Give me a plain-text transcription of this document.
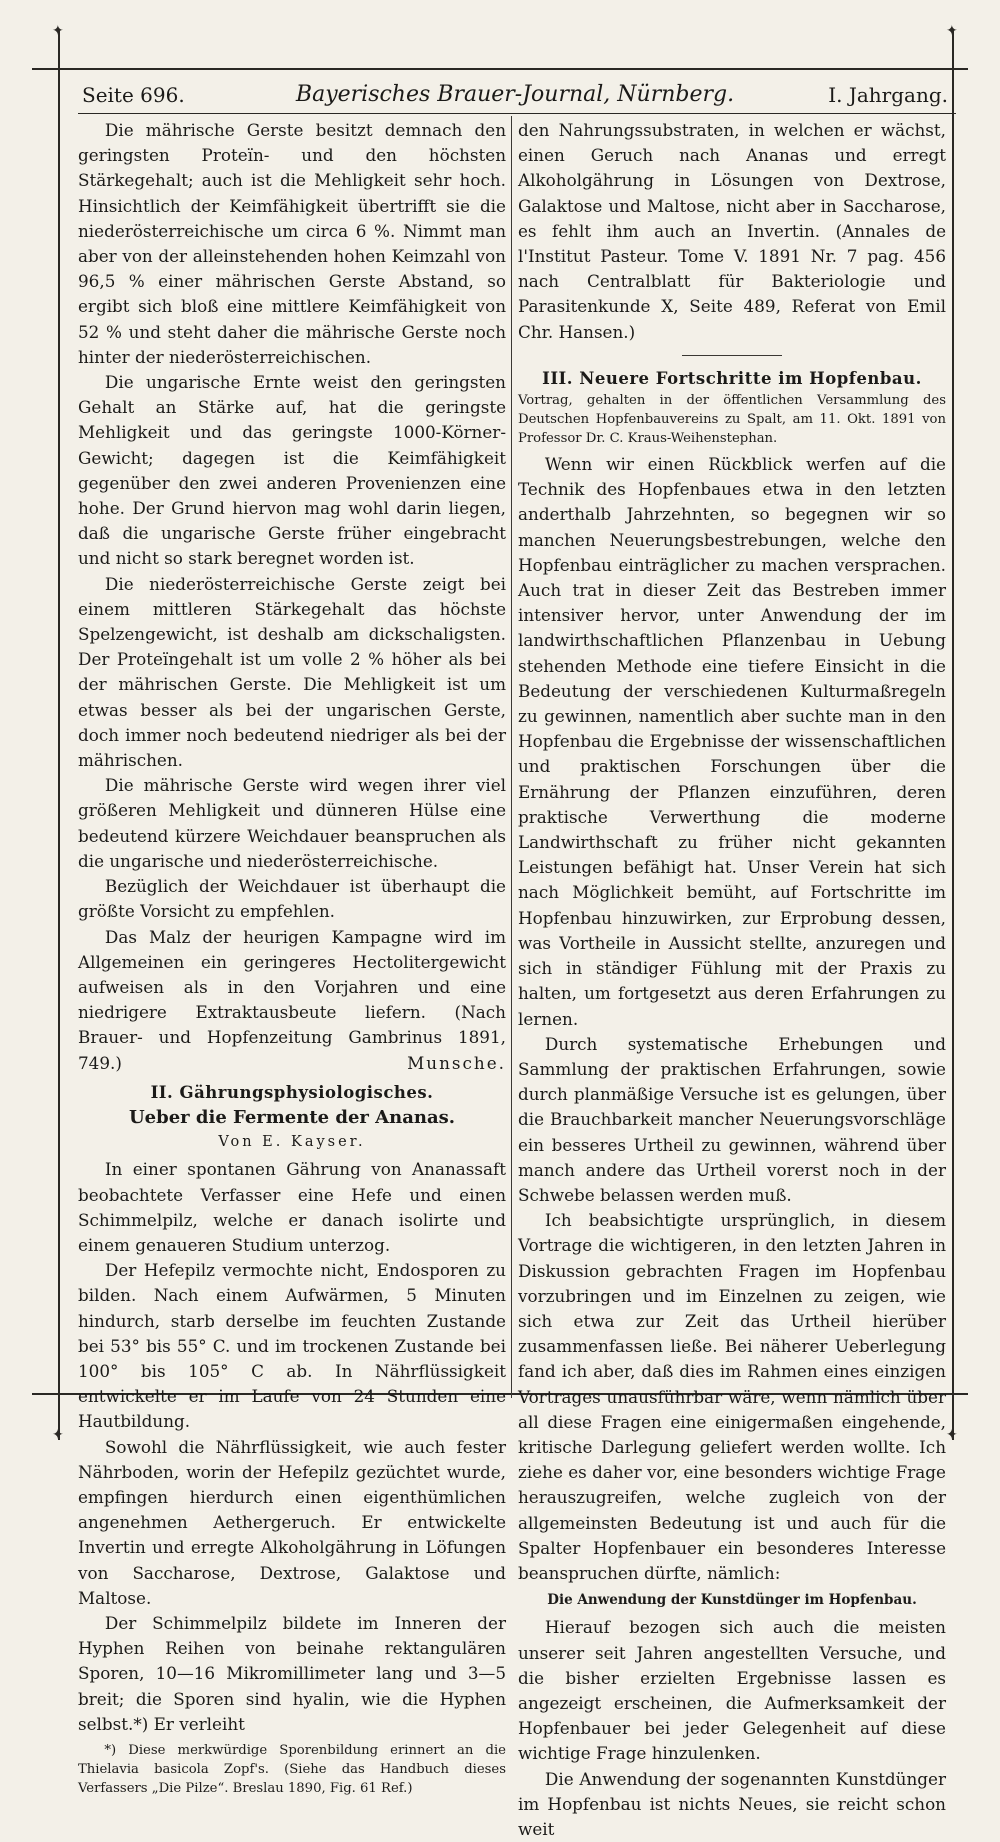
✦	✦
✦	✦
Seite 696.	Bayerisches Brauer-Journal, Nürnberg.	I. Jahrgang.

Die mährische Gerste besitzt demnach den geringsten Proteïn- und den höchsten Stärkegehalt; auch ist die Mehligkeit sehr hoch. Hinsichtlich der Keimfähigkeit übertrifft sie die niederösterreichische um circa 6 %. Nimmt man aber von der alleinstehenden hohen Keimzahl von 96,5 % einer mährischen Gerste Abstand, so ergibt sich bloß eine mittlere Keimfähigkeit von 52 % und steht daher die mährische Gerste noch hinter der niederösterreichischen.

Die ungarische Ernte weist den geringsten Gehalt an Stärke auf, hat die geringste Mehligkeit und das geringste 1000-Körner-Gewicht; dagegen ist die Keimfähigkeit gegenüber den zwei anderen Provenienzen eine hohe. Der Grund hiervon mag wohl darin liegen, daß die ungarische Gerste früher eingebracht und nicht so stark beregnet worden ist.

Die niederösterreichische Gerste zeigt bei einem mittleren Stärkegehalt das höchste Spelzengewicht, ist deshalb am dickschaligsten. Der Proteïngehalt ist um volle 2 % höher als bei der mährischen Gerste. Die Mehligkeit ist um etwas besser als bei der ungarischen Gerste, doch immer noch bedeutend niedriger als bei der mährischen.

Die mährische Gerste wird wegen ihrer viel größeren Mehligkeit und dünneren Hülse eine bedeutend kürzere Weichdauer beanspruchen als die ungarische und niederösterreichische.

Bezüglich der Weichdauer ist überhaupt die größte Vorsicht zu empfehlen.

Das Malz der heurigen Kampagne wird im Allgemeinen ein geringeres Hectolitergewicht aufweisen als in den Vorjahren und eine niedrigere Extraktausbeute liefern. (Nach Brauer- und Hopfenzeitung Gambrinus 1891, 749.)	Munsche.

II. Gährungsphysiologisches.
Ueber die Fermente der Ananas.
Von E. Kayser.

In einer spontanen Gährung von Ananassaft beobachtete Verfasser eine Hefe und einen Schimmelpilz, welche er danach isolirte und einem genaueren Studium unterzog.

Der Hefepilz vermochte nicht, Endosporen zu bilden. Nach einem Aufwärmen, 5 Minuten hindurch, starb derselbe im feuchten Zustande bei 53° bis 55° C. und im trockenen Zustande bei 100° bis 105° C ab. In Nährflüssigkeit entwickelte er im Laufe von 24 Stunden eine Hautbildung.

Sowohl die Nährflüssigkeit, wie auch fester Nährboden, worin der Hefepilz gezüchtet wurde, empfingen hierdurch einen eigenthümlichen angenehmen Aethergeruch. Er entwickelte Invertin und erregte Alkoholgährung in Löfungen von Saccharose, Dextrose, Galaktose und Maltose.

Der Schimmelpilz bildete im Inneren der Hyphen Reihen von beinahe rektangulären Sporen, 10—16 Mikromillimeter lang und 3—5 breit; die Sporen sind hyalin, wie die Hyphen selbst.*) Er verleiht

*) Diese merkwürdige Sporenbildung erinnert an die Thielavia basicola Zopf's. (Siehe das Handbuch dieses Verfassers „Die Pilze“. Breslau 1890, Fig. 61 Ref.)

den Nahrungssubstraten, in welchen er wächst, einen Geruch nach Ananas und erregt Alkoholgährung in Lösungen von Dextrose, Galaktose und Maltose, nicht aber in Saccharose, es fehlt ihm auch an Invertin. (Annales de l'Institut Pasteur. Tome V. 1891 Nr. 7 pag. 456 nach Centralblatt für Bakteriologie und Parasitenkunde X, Seite 489, Referat von Emil Chr. Hansen.)

III. Neuere Fortschritte im Hopfenbau.
Vortrag, gehalten in der öffentlichen Versammlung des Deutschen Hopfenbauvereins zu Spalt, am 11. Okt. 1891 von Professor Dr. C. Kraus-Weihenstephan.

Wenn wir einen Rückblick werfen auf die Technik des Hopfenbaues etwa in den letzten anderthalb Jahrzehnten, so begegnen wir so manchen Neuerungsbestrebungen, welche den Hopfenbau einträglicher zu machen versprachen. Auch trat in dieser Zeit das Bestreben immer intensiver hervor, unter Anwendung der im landwirthschaftlichen Pflanzenbau in Uebung stehenden Methode eine tiefere Einsicht in die Bedeutung der verschiedenen Kulturmaßregeln zu gewinnen, namentlich aber suchte man in den Hopfenbau die Ergebnisse der wissenschaftlichen und praktischen Forschungen über die Ernährung der Pflanzen einzuführen, deren praktische Verwerthung die moderne Landwirthschaft zu früher nicht gekannten Leistungen befähigt hat. Unser Verein hat sich nach Möglichkeit bemüht, auf Fortschritte im Hopfenbau hinzuwirken, zur Erprobung dessen, was Vortheile in Aussicht stellte, anzuregen und sich in ständiger Fühlung mit der Praxis zu halten, um fortgesetzt aus deren Erfahrungen zu lernen.

Durch systematische Erhebungen und Sammlung der praktischen Erfahrungen, sowie durch planmäßige Versuche ist es gelungen, über die Brauchbarkeit mancher Neuerungsvorschläge ein besseres Urtheil zu gewinnen, während über manch andere das Urtheil vorerst noch in der Schwebe belassen werden muß.

Ich beabsichtigte ursprünglich, in diesem Vortrage die wichtigeren, in den letzten Jahren in Diskussion gebrachten Fragen im Hopfenbau vorzubringen und im Einzelnen zu zeigen, wie sich etwa zur Zeit das Urtheil hierüber zusammenfassen ließe. Bei näherer Ueberlegung fand ich aber, daß dies im Rahmen eines einzigen Vortrages unausführbar wäre, wenn nämlich über all diese Fragen eine einigermaßen eingehende, kritische Darlegung geliefert werden wollte. Ich ziehe es daher vor, eine besonders wichtige Frage herauszugreifen, welche zugleich von der allgemeinsten Bedeutung ist und auch für die Spalter Hopfenbauer ein besonderes Interesse beanspruchen dürfte, nämlich:

Die Anwendung der Kunstdünger im Hopfenbau.

Hierauf bezogen sich auch die meisten unserer seit Jahren angestellten Versuche, und die bisher erzielten Ergebnisse lassen es angezeigt erscheinen, die Aufmerksamkeit der Hopfenbauer bei jeder Gelegenheit auf diese wichtige Frage hinzulenken.

Die Anwendung der sogenannten Kunstdünger im Hopfenbau ist nichts Neues, sie reicht schon weit
